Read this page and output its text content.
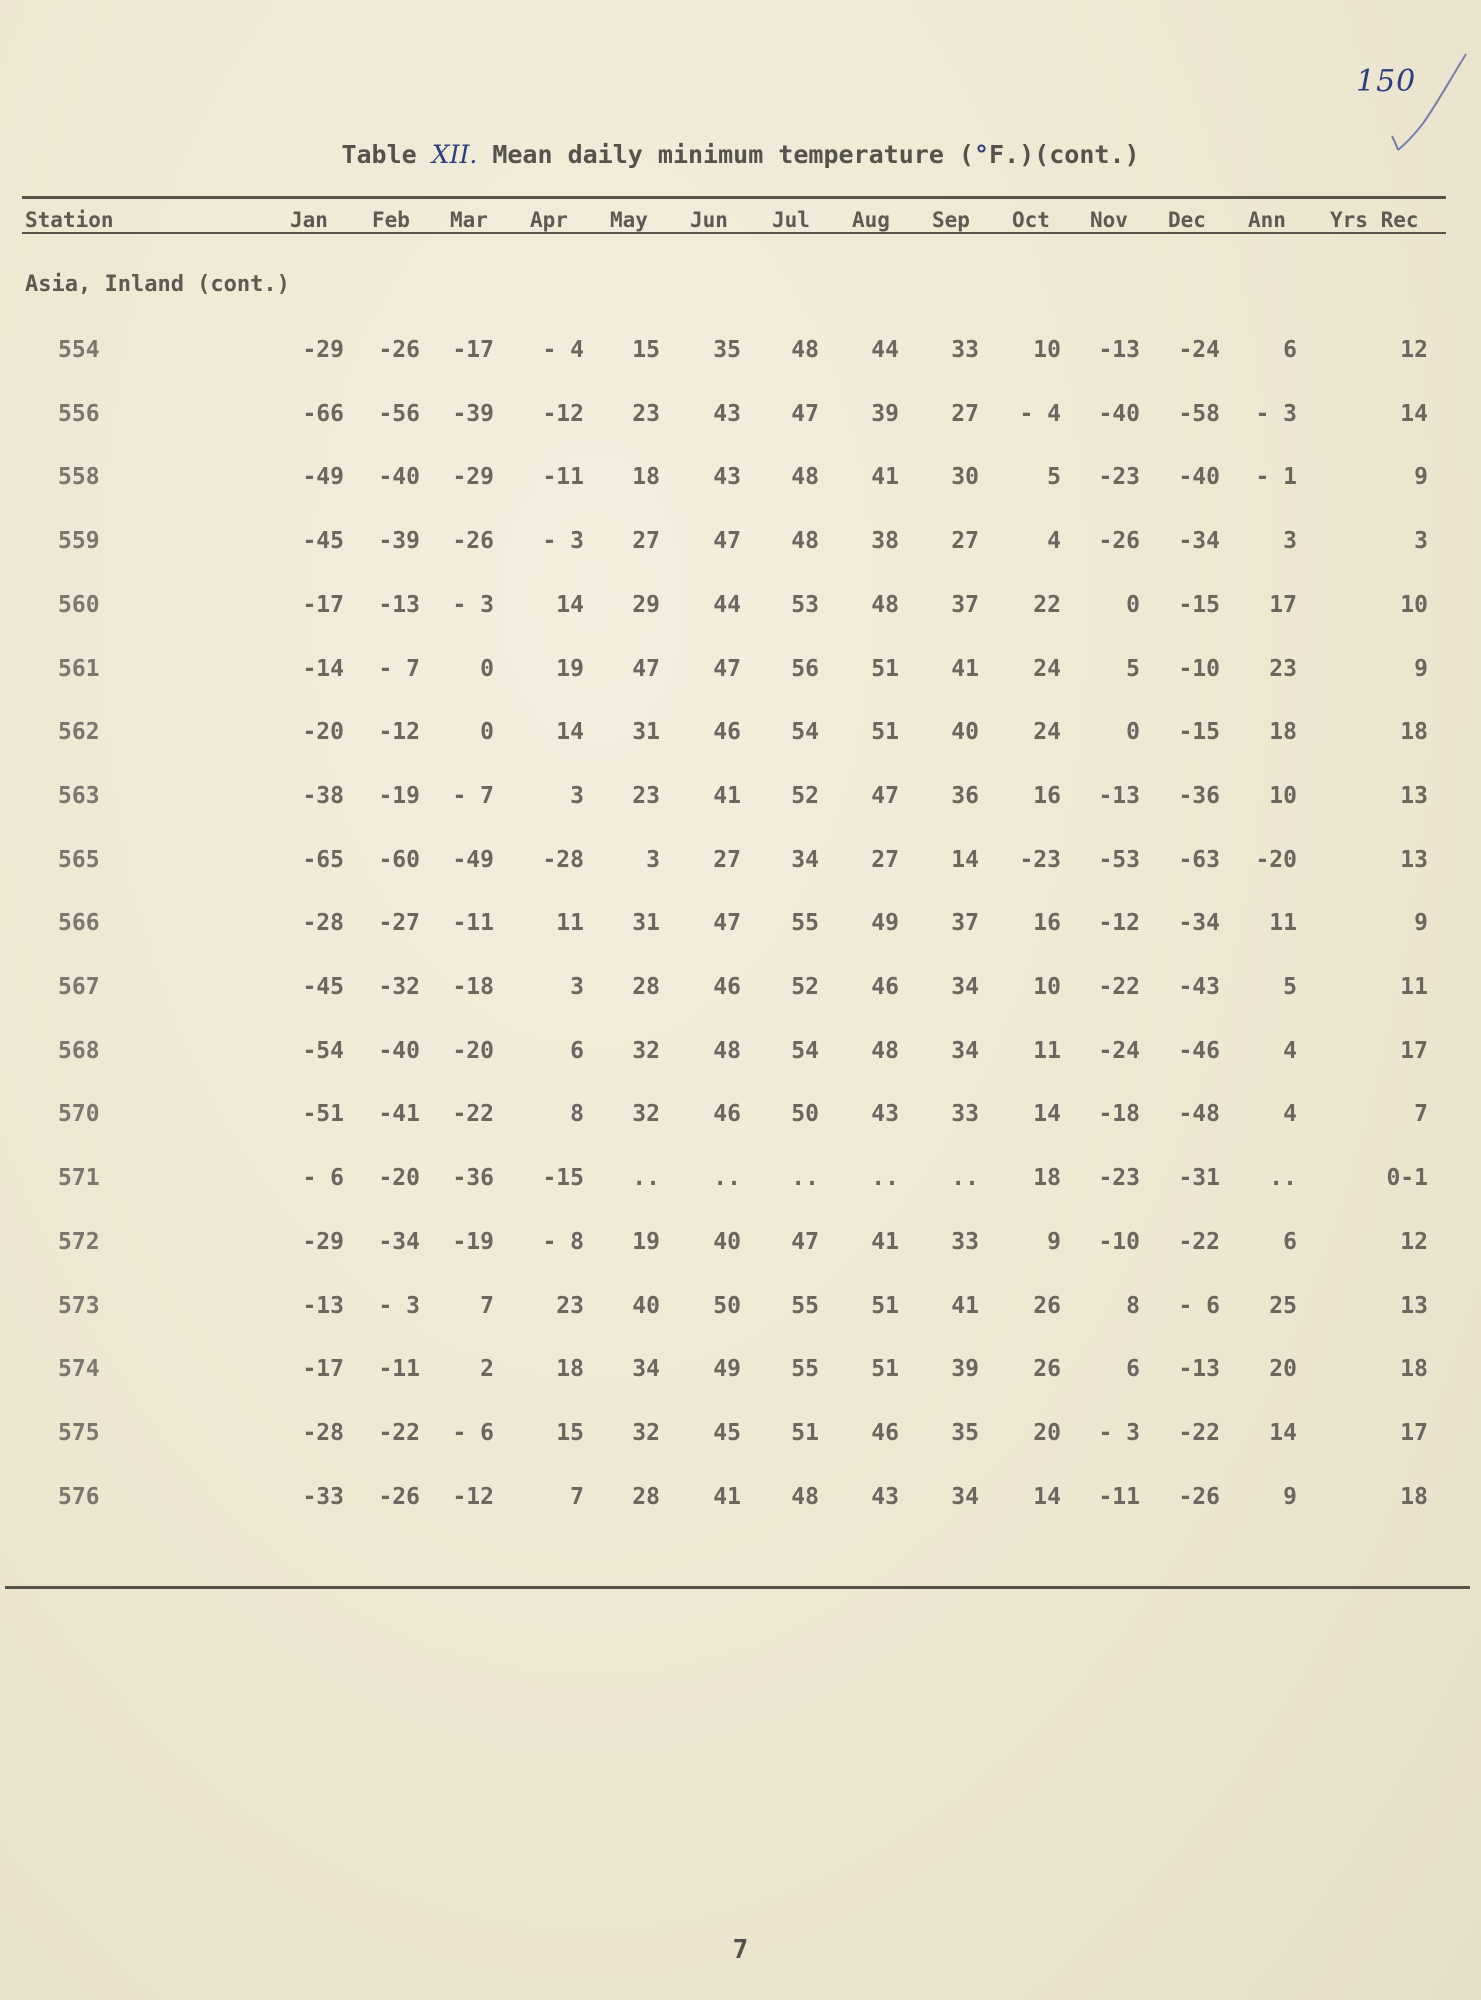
150
Table XII. Mean daily minimum temperature (°F.)(cont.)
Station	Jan Feb Mar Apr May Jun Jul Aug Sep Oct Nov Dec Ann Yrs Rec
Asia, Inland (cont.)
554	-29	-26	-17	- 4	15	35	48	44	33	10	-13	-24	6	12
556	-66	-56	-39	-12	23	43	47	39	27	- 4	-40	-58	- 3	14
558	-49	-40	-29	-11	18	43	48	41	30	5	-23	-40	- 1	9
559	-45	-39	-26	- 3	27	47	48	38	27	4	-26	-34	3	3
560	-17	-13	- 3	14	29	44	53	48	37	22	0	-15	17	10
561	-14	- 7	0	19	47	47	56	51	41	24	5	-10	23	9
562	-20	-12	0	14	31	46	54	51	40	24	0	-15	18	18
563	-38	-19	- 7	3	23	41	52	47	36	16	-13	-36	10	13
565	-65	-60	-49	-28	3	27	34	27	14	-23	-53	-63	-20	13
566	-28	-27	-11	11	31	47	55	49	37	16	-12	-34	11	9
567	-45	-32	-18	3	28	46	52	46	34	10	-22	-43	5	11
568	-54	-40	-20	6	32	48	54	48	34	11	-24	-46	4	17
570	-51	-41	-22	8	32	46	50	43	33	14	-18	-48	4	7
571	- 6	-20	-36	-15	..	..	..	..	..	18	-23	-31	..	0-1
572	-29	-34	-19	- 8	19	40	47	41	33	9	-10	-22	6	12
573	-13	- 3	7	23	40	50	55	51	41	26	8	- 6	25	13
574	-17	-11	2	18	34	49	55	51	39	26	6	-13	20	18
575	-28	-22	- 6	15	32	45	51	46	35	20	- 3	-22	14	17
576	-33	-26	-12	7	28	41	48	43	34	14	-11	-26	9	18
7
